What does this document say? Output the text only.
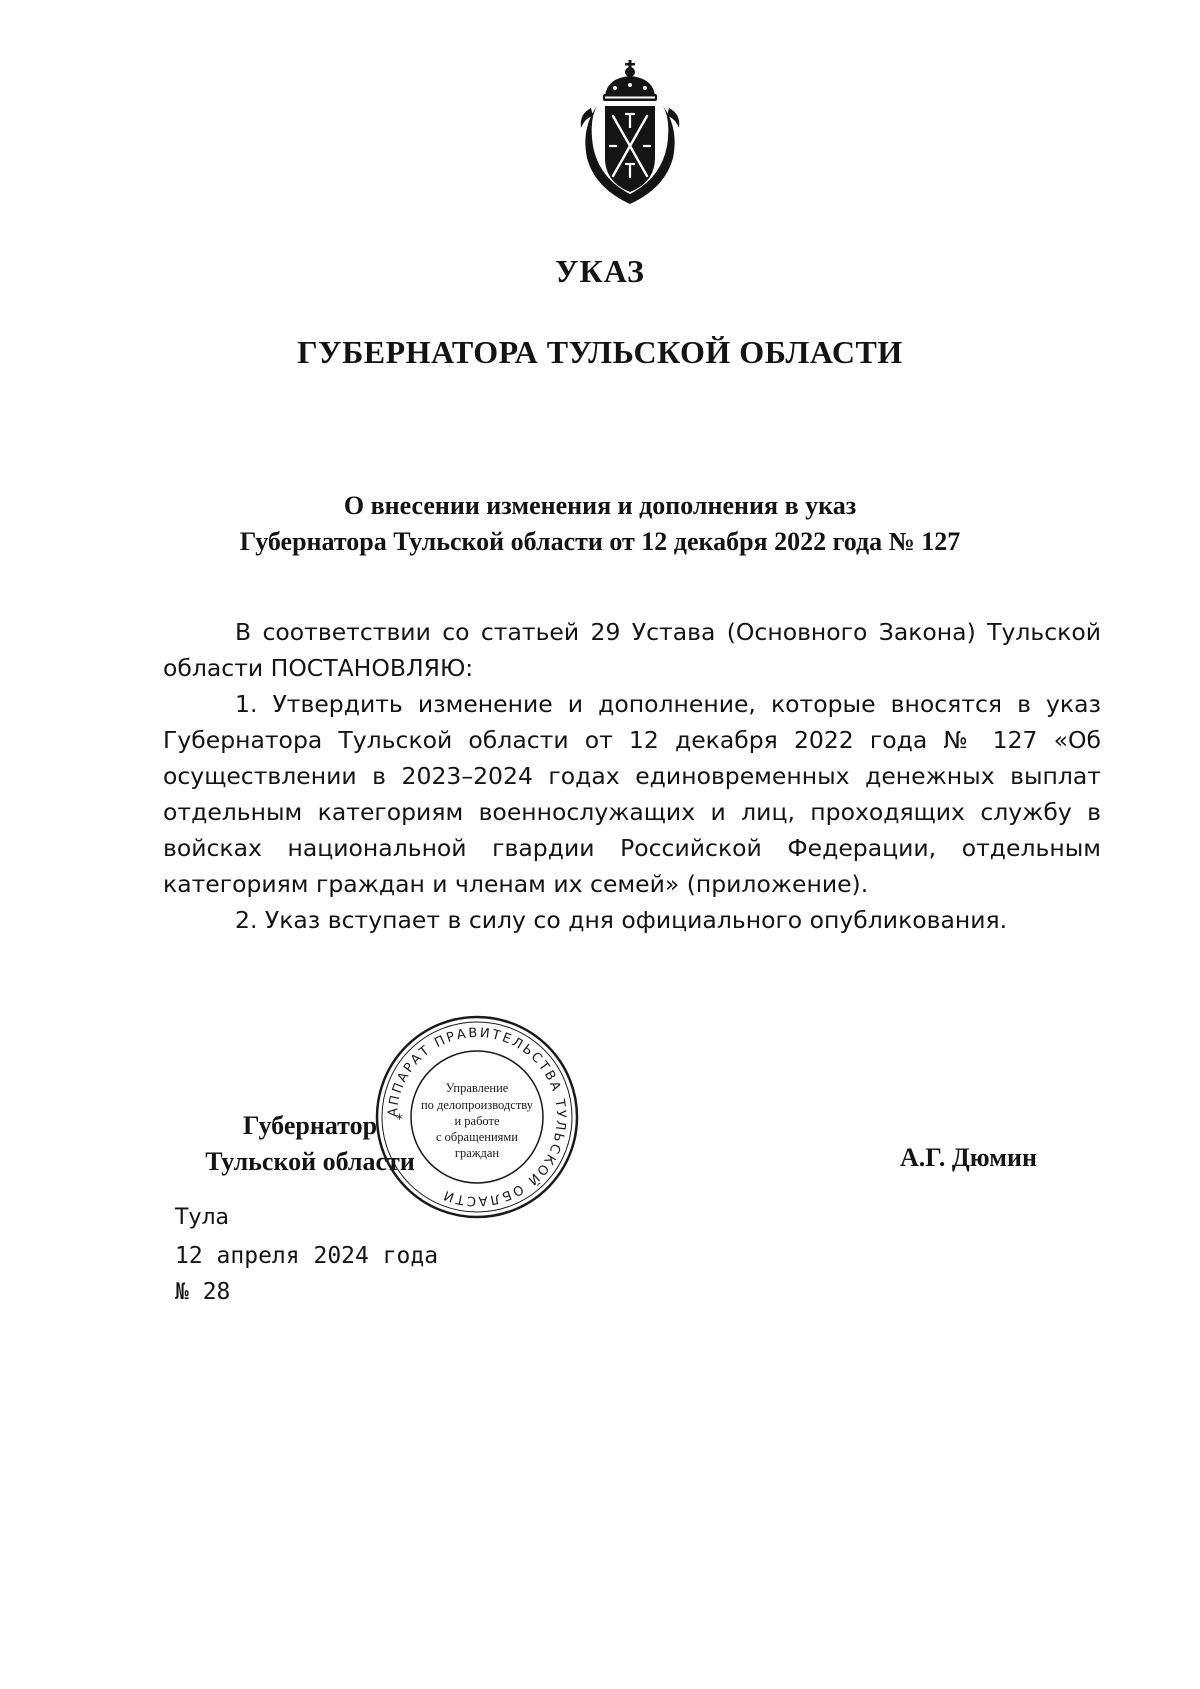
УКАЗ
ГУБЕРНАТОРА ТУЛЬСКОЙ ОБЛАСТИ
О внесении изменения и дополнения в указ
Губернатора Тульской области от 12 декабря 2022 года № 127

В соответствии со статьей 29 Устава (Основного Закона) Тульской области ПОСТАНОВЛЯЮ:

1. Утвердить изменение и дополнение, которые вносятся в указ Губернатора Тульской области от 12 декабря 2022 года № 127 «Об осуществлении в 2023–2024 годах единовременных денежных выплат отдельным категориям военнослужащих и лиц, проходящих службу в войсках национальной гвардии Российской Федерации, отдельным категориям граждан и членам их семей» (приложение).

2. Указ вступает в силу со дня официального опубликования.

Губернатор
Тульской области
АППАРАТ ПРАВИТЕЛЬСТВА ТУЛЬСКОЙ ОБЛАСТИ
*
Управление
по делопроизводству
и работе
с обращениями
граждан	А.Г. Дюмин
Тула
12 апреля 2024 года
№ 28
